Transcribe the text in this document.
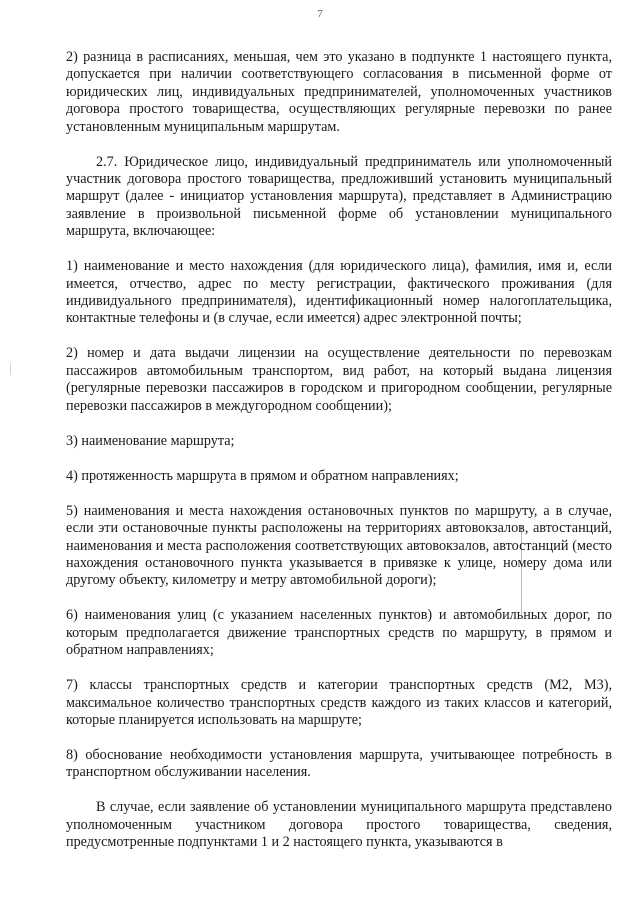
7

2) разница в расписаниях, меньшая, чем это указано в подпункте 1 настоящего пункта, допускается при наличии соответствующего согласования в письменной форме от юридических лиц, индивидуальных предпринимателей, уполномоченных участников договора простого товарищества, осуществляющих регулярные перевозки по ранее установленным муниципальным маршрутам.

2.7. Юридическое лицо, индивидуальный предприниматель или уполномоченный участник договора простого товарищества, предложивший установить муниципальный маршрут (далее - инициатор установления маршрута), представляет в Администрацию заявление в произвольной письменной форме об установлении муниципального маршрута, включающее:

1) наименование и место нахождения (для юридического лица), фамилия, имя и, если имеется, отчество, адрес по месту регистрации, фактического проживания (для индивидуального предпринимателя), идентификационный номер налогоплательщика, контактные телефоны и (в случае, если имеется) адрес электронной почты;

2) номер и дата выдачи лицензии на осуществление деятельности по перевозкам пассажиров автомобильным транспортом, вид работ, на который выдана лицензия (регулярные перевозки пассажиров в городском и пригородном сообщении, регулярные перевозки пассажиров в междугородном сообщении);

3) наименование маршрута;

4) протяженность маршрута в прямом и обратном направлениях;

5) наименования и места нахождения остановочных пунктов по маршруту, а в случае, если эти остановочные пункты расположены на территориях автовокзалов, автостанций, наименования и места расположения соответствующих автовокзалов, автостанций (место нахождения остановочного пункта указывается в привязке к улице, номеру дома или другому объекту, километру и метру автомобильной дороги);

6) наименования улиц (с указанием населенных пунктов) и автомобильных дорог, по которым предполагается движение транспортных средств по маршруту, в прямом и обратном направлениях;

7) классы транспортных средств и категории транспортных средств (М2, М3), максимальное количество транспортных средств каждого из таких классов и категорий, которые планируется использовать на маршруте;

8) обоснование необходимости установления маршрута, учитывающее потребность в транспортном обслуживании населения.

В случае, если заявление об установлении муниципального маршрута представлено уполномоченным участником договора простого товарищества, сведения, предусмотренные подпунктами 1 и 2 настоящего пункта, указываются в
